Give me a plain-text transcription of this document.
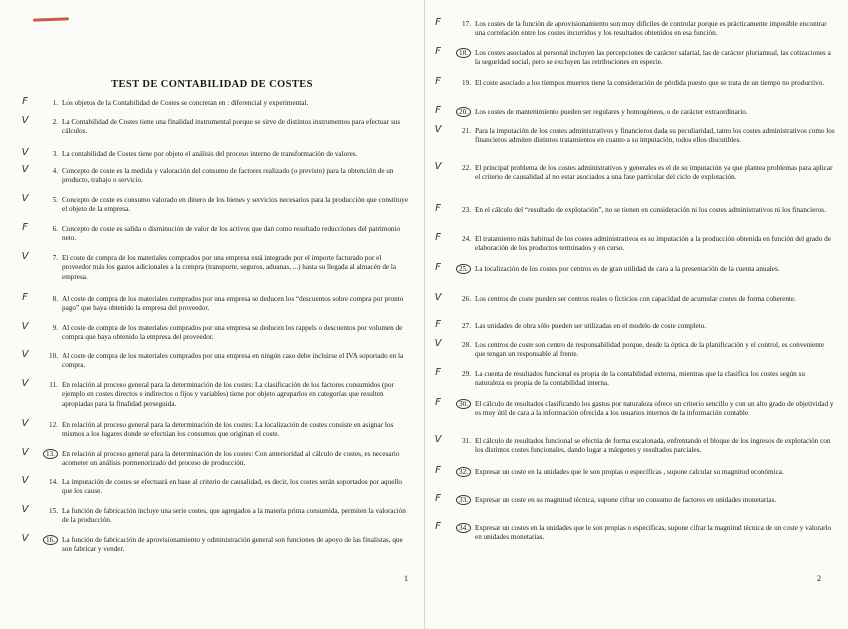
TEST DE CONTABILIDAD DE COSTES
F	1. Los objetos de la Contabilidad de Costes se concretan en : diferencial y experimental.
V	2. La Contabilidad de Costes tiene una finalidad instrumental porque se sirve de distintos instrumentos para efectuar sus cálculos.
V	3. La contabilidad de Costes tiene por objeto el análisis del proceso interno de transformación de valores.
V	4. Concepto de coste es la medida y valoración del consumo de factores realizado (o previsto) para la obtención de un producto, trabajo o servicio.
V	5. Concepto de coste es consumo valorado en dinero de los bienes y servicios necesarios para la producción que constituye el objeto de la empresa.
F	6. Concepto de coste es salida o disminución de valor de los activos que dan como resultado reducciones del patrimonio neto.
V	7. El coste de compra de los materiales comprados por una empresa está integrado por el importe facturado por el proveedor más los gastos adicionales a la compra (transporte, seguros, aduanas, ...) hasta su llegada al almacén de la empresa.
F	8. Al coste de compra de los materiales comprados por una empresa se deducen los “descuentos sobre compra por pronto pago” que haya obtenido la empresa del proveedor.
V	9. Al coste de compra de los materiales comprados por una empresa se deducen los rappels o descuentos por volumen de compra que haya obtenido la empresa del proveedor.
V	10. Al coste de compra de los materiales comprados por una empresa en ningún caso debe incluirse el IVA soportado en la compra.
V	11. En relación al proceso general para la determinación de los costes: La clasificación de los factores consumidos (por ejemplo en costes directos e indirectos o fijos y variables) tiene por objeto agruparlos en categorías que resulten apropiadas para la finalidad perseguida.
V	12. En relación al proceso general para la determinación de los costes: La localización de costes consiste en asignar los mismos a los lugares donde se efectúan los consumos que originan el coste.
V	13. En relación al proceso general para la determinación de los costes: Con anterioridad al cálculo de costes, es necesario acometer un análisis pormenorizado del proceso de producción.
V	14. La imputación de costes se efectuará en base al criterio de causalidad, es decir, los costes serán soportados por aquello que los cause.
V	15. La función de fabricación incluye una serie costes, que agregados a la materia prima consumida, permiten la valoración de la producción.
V	16. La función de fabricación de aprovisionamiento y odministración general son funciones de apoyo de las finalistas, que son fabricar y vender.
1
F	17. Los costes de la función de aprovisionamiento son muy difíciles de controlar porque es prácticamente imposible encontrar una correlación entre los costes incurridos y los resultados obtenidos en esa función.
F	18. Los costes asociados al personal incluyen las percepciones de carácter salarial, las de carácter pluriamual, las cotizaciones a la seguridad social, pero se excluyen las retribuciones en especie.
F	19. El coste asociado a los tiempos muertos tiene la consideración de pérdida puesto que se trata de un tiempo no productivo.
F	20. Los costes de mantenimiento pueden ser regulares y homogéneos, o de carácter extraordinario.
V	21. Para la imputación de los costes administrativos y financieros dada su peculiaridad, tanto los costes administrativos como los financieros admiten distintos tratamientos en cuanto a su imputación, todos ellos discutibles.
V	22. El principal problema de los costes administrativos y generales es el de su imputación ya que plantea problemas para aplicar el criterio de causalidad al no estar asociados a una fase particular del ciclo de explotación.
F	23. En el cálculo del “resultado de explotación”, no se tienen en consideración ni los costes administrativos ni los financieros.
F	24. El tratamiento más habitual de los costes administrativos es su imputación a la producción obtenida en función del grado de elaboración de los productos terminados y en curso.
F	25. La localización de los costes por centros es de gran utilidad de cara a la presentación de la cuenta anuales.
V	26. Los centros de coste pueden ser centros reales o ficticios con capacidad de acumular costes de forma coherente.
F	27. Las unidades de obra sólo pueden ser utilizadas en el modelo de coste completo.
V	28. Los centros de coste son centro de responsabilidad porque, desde la óptica de la planificación y el control, es conveniente que tengan un responsable al frente.
F	29. La cuenta de resultados funcional es propia de la contabilidad externa, mientras que la clasifica los costes según su naturaleza es propia de la contabilidad interna.
F	30. El cálculo de resultados clasificando los gastos por naturaleza ofrece un criterio sencillo y con un alto grado de objetividad y es muy útil de cara a la información ofrecida a los usuarios internos de la información contable.
V	31. El cálculo de resultados funcional se efectúa de forma escalonada, enfrentando el bloque de los ingresos de explotación con los distintos costes funcionales, dando lugar a márgenes y resultados parciales.
F	32. Expresar un coste en la unidades que le son propias o específicas , supone calcular su magnitud económica.
F	33. Expresar un coste en su magnitud técnica, supone cifrar un consumo de factores en unidades monetarias.
F	34. Expresar un costes en la unidades que le son propias o específicas, supone cifrar la magnitud técnica de un coste y valorarlo en unidades monetarias.
2
